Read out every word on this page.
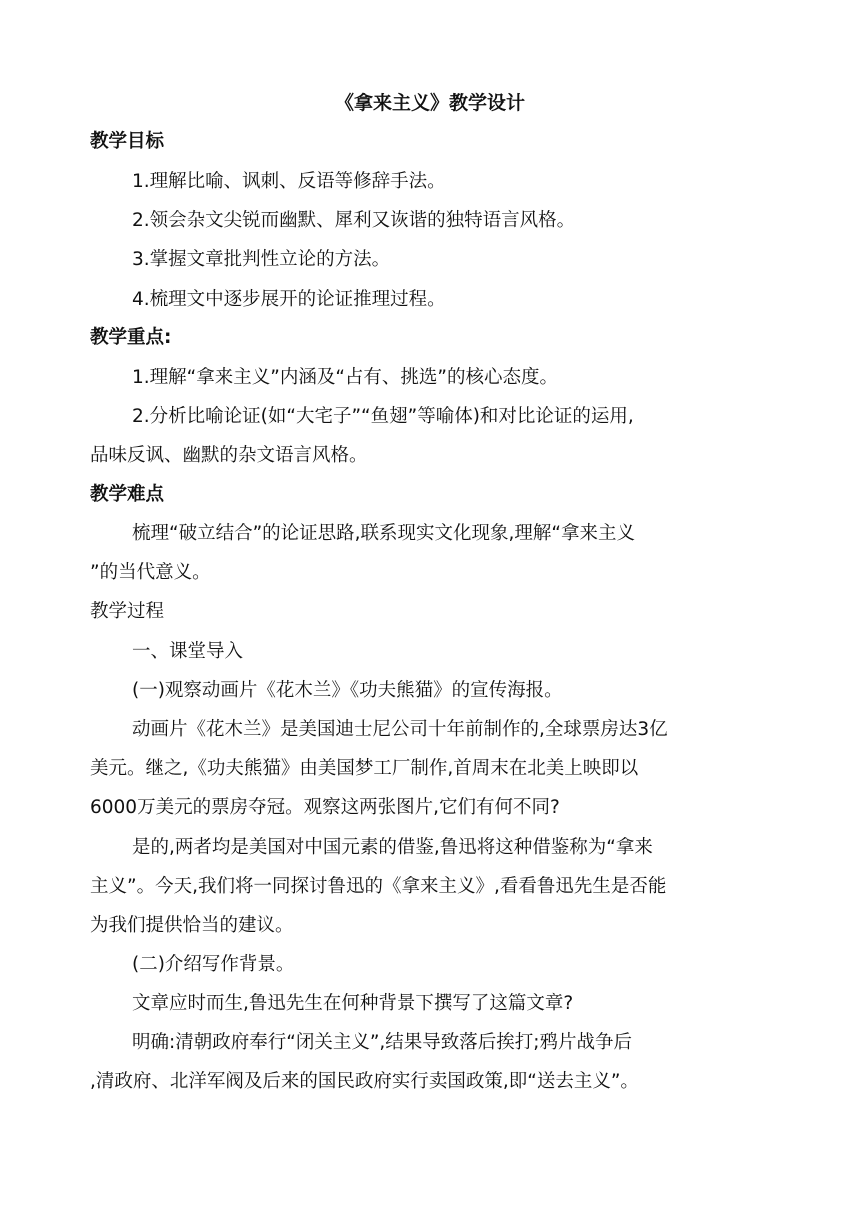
《拿来主义》教学设计
教学目标
1.理解比喻、讽刺、反语等修辞手法。
2.领会杂文尖锐而幽默、犀利又诙谐的独特语言风格。
3.掌握文章批判性立论的方法。
4.梳理文中逐步展开的论证推理过程。
教学重点:
1.理解“拿来主义”内涵及“占有、挑选”的核心态度。
2.分析比喻论证(如“大宅子”“鱼翅”等喻体)和对比论证的运用,
品味反讽、幽默的杂文语言风格。
教学难点
梳理“破立结合”的论证思路,联系现实文化现象,理解“拿来主义
”的当代意义。
教学过程
一、课堂导入
(一)观察动画片《花木兰》《功夫熊猫》的宣传海报。
动画片《花木兰》是美国迪士尼公司十年前制作的,全球票房达3亿
美元。继之,《功夫熊猫》由美国梦工厂制作,首周末在北美上映即以
6000万美元的票房夺冠。观察这两张图片,它们有何不同?
是的,两者均是美国对中国元素的借鉴,鲁迅将这种借鉴称为“拿来
主义”。今天,我们将一同探讨鲁迅的《拿来主义》,看看鲁迅先生是否能
为我们提供恰当的建议。
(二)介绍写作背景。
文章应时而生,鲁迅先生在何种背景下撰写了这篇文章?
明确:清朝政府奉行“闭关主义”,结果导致落后挨打;鸦片战争后
,清政府、北洋军阀及后来的国民政府实行卖国政策,即“送去主义”。
